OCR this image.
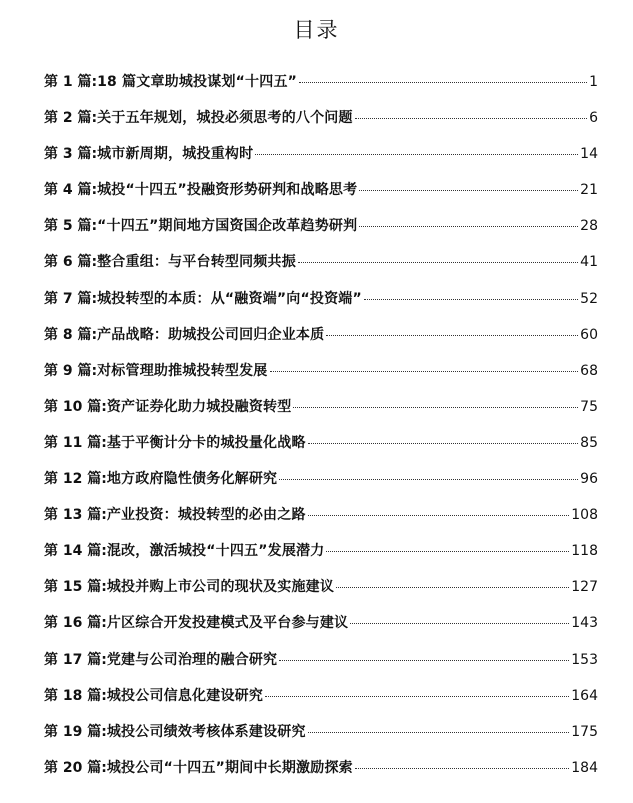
目录
第 1 篇: 18 篇文章助城投谋划“十四五”	1
第 2 篇: 关于五年规划，城投必须思考的八个问题	6
第 3 篇: 城市新周期，城投重构时	14
第 4 篇: 城投“十四五”投融资形势研判和战略思考	21
第 5 篇: “十四五”期间地方国资国企改革趋势研判	28
第 6 篇: 整合重组：与平台转型同频共振	41
第 7 篇: 城投转型的本质：从“融资端”向“投资端”	52
第 8 篇: 产品战略：助城投公司回归企业本质	60
第 9 篇: 对标管理助推城投转型发展	68
第 10 篇: 资产证券化助力城投融资转型	75
第 11 篇: 基于平衡计分卡的城投量化战略	85
第 12 篇: 地方政府隐性债务化解研究	96
第 13 篇: 产业投资：城投转型的必由之路	108
第 14 篇: 混改，激活城投“十四五”发展潜力	118
第 15 篇: 城投并购上市公司的现状及实施建议	127
第 16 篇: 片区综合开发投建模式及平台参与建议	143
第 17 篇: 党建与公司治理的融合研究	153
第 18 篇: 城投公司信息化建设研究	164
第 19 篇: 城投公司绩效考核体系建设研究	175
第 20 篇: 城投公司“十四五”期间中长期激励探索	184
